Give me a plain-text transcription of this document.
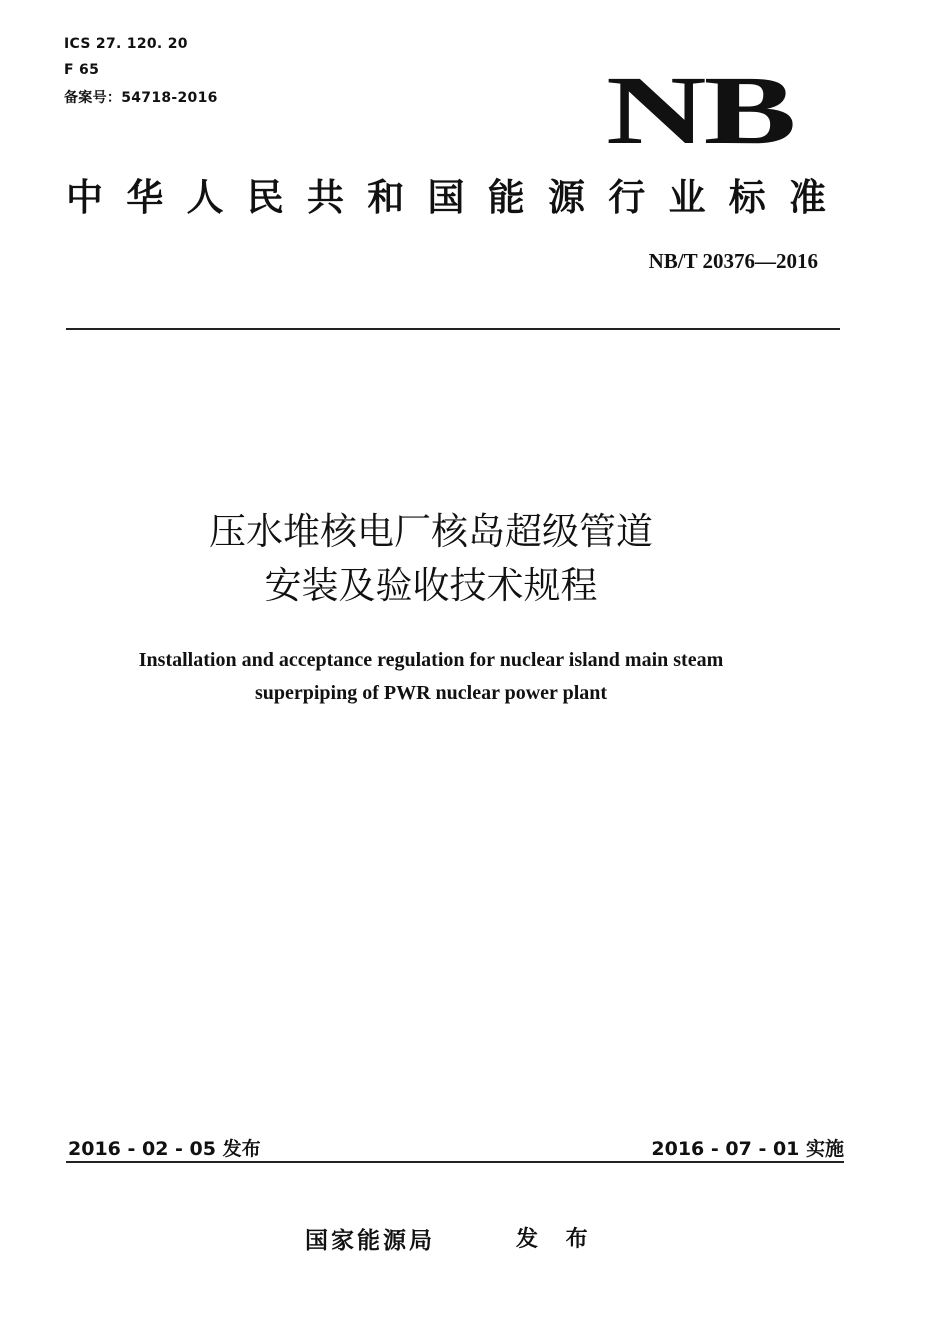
ICS 27. 120. 20
F 65
备案号：54718-2016	NB
中 华 人 民 共 和 国 能 源 行 业 标 准
NB/T 20376—2016
压水堆核电厂核岛超级管道
安装及验收技术规程
Installation and acceptance regulation for nuclear island main steam
superpiping of PWR nuclear power plant
2016 - 02 - 05 发布	2016 - 07 - 01 实施
国家能源局	发 布
